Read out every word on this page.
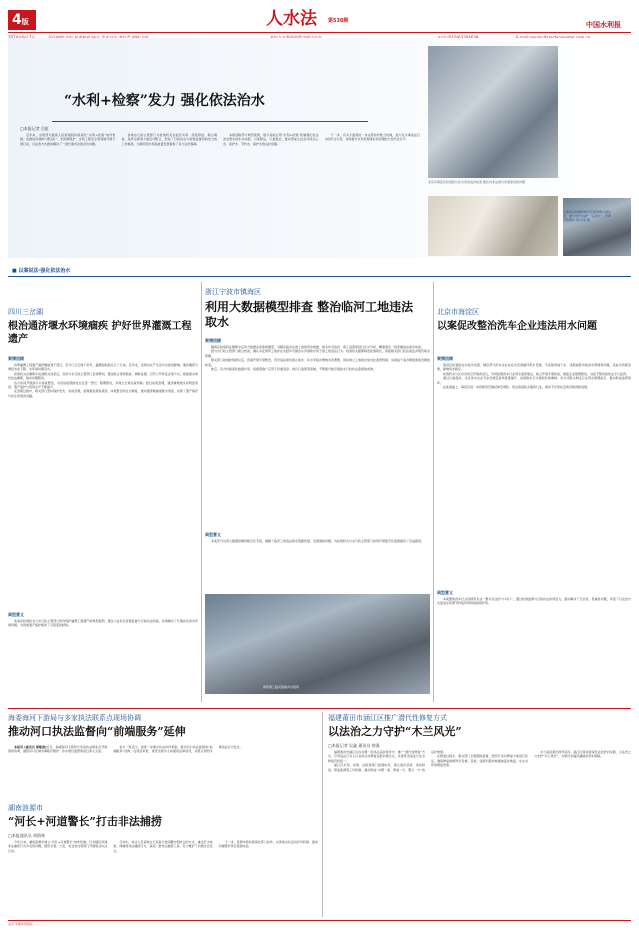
4版	人水法 第530期	中国水利报
“水利+检察”发力 强化依法治水
□本报记者 岳虹

近年来，水利部与最高人民检察院持续深化“水利+检察”协作机制，在推进河湖库“清四乱”、水资源保护、水利工程安全等领域开展专项行动，以法治方式推动解决了一批长期未决的突出问题。

各地水行政主管部门与检察机关在信息共享、线索移送、联合调查、案件会商等方面密切配合，形成了行政执法与检察监督同向发力的工作格局，为新阶段水利高质量发展提供了有力法治保障。

本版选取部分典型案例，展示各地运用“水利+检察”机制强化依法治水管水的生动实践，以案释法，以案促治，推动形成全社会共同关心水、爱护水、节约水、保护水的良好氛围。

下一步，有关方面将进一步完善协作配合机制，加大对水事违法行为的打击力度，持续提升水利治理体系和治理能力现代化水平。

北京市海淀区检察院与区水务局巡河检查 辖区内非法排污河道等违规问题
志愿者在新疆伊犁河开展清理河道垃圾，参与守护河湖“一淀清水”。伊犁河管理局 图/何康 摄
■ 以案说法·强化依法治水
四川三岔湖
根治通济堰水环境痼疾 护好世界灌溉工程遗产
案情回顾

世界灌溉工程遗产通济堰始建于西汉，至今已运行两千余年，灌溉面积超过五十万亩。近年来，受周边生产生活污水排放影响，通济堰部分渠段水质下降，水环境问题突出。

检察机关在履职中发现相关线索后，及时与水行政主管部门会商研判，通过联合现场勘查、调取证据、召开公开听证会等方式，督促相关单位依法履职，推动问题整改。

各方协同开展排污口排查整治，对沿线违规排放点位逐一登记、限期整改，并建立长效巡查机制。经过系统治理，通济堰渠道水质明显改善，遗产保护与利用水平不断提升。

在治理过程中，相关部门坚持保护优先、系统治理，统筹推进渠系清淤、岸坡整治和生态修复，推动通济堰重现碧水清流，实现了遗产保护与民生改善的双赢。

典型意义

本案是检察机关与水行政主管部门协作保护灌溉工程遗产的典型案例，通过公益诉讼检察监督与行政执法衔接，有效解决了长期存在的水环境问题，为同类遗产保护提供了可借鉴的经验。

浙江宁波市镇海区
利用大数据模型排查 整治临河工地违法取水
案情回顾

镇海区检察院在履职中运用大数据法律监督模型，对辖区临河在建工地的用水数据、取水许可信息、施工进度等进行比对分析，精准锁定一批涉嫌违法取水线索。

经与水行政主管部门联合核查，确认多处建筑工地存在未经许可擅自从河道取水用于施工的违法行为。检察机关随即制发检察建议，督促相关部门依法查处并规范取水管理。

相关部门收到检察建议后，迅速开展专项整治，责令违法单位停止取水、补办手续并缴纳水资源费，同时建立工地取水常态化监管机制，实现由个案办理到类案治理的转变。

此后，双方持续深化数据共享，将模型推广应用于河道采砂、排污口监管等领域，不断提升数字赋能水行政执法监督的质效。

典型意义

本案充分运用大数据思维和数字化手段，破解了临河工地违法取水隐蔽性强、发现难的问题，为检察机关与水行政主管部门协同开展数字化监督提供了有益探索。

建筑施工临河盗取河水现场
北京市海淀区
以案促改整治洗车企业违法用水问题
案情回顾

海淀区检察院在办案中发现，辖区部分洗车企业存在未安装循环用水设施、无证取用地下水、违规接驳市政供水管网等问题，造成水资源浪费，影响用水秩序。

检察机关与区水务局召开联席会议，共同梳理洗车行业用水监管难点，联合开展专项检查，督促企业限期整改，对拒不整改的依法予以处罚。

通过以案促改，全区洗车企业节水设施安装率显著提升，违规取水行为得到有效遏制。双方还联合制定行业用水管理指引，推动形成监管闭环。

在此基础上，海淀区进一步将整治范围延伸至餐饮、洗浴等高耗水服务行业，推动节水型社会建设取得新进展。

典型意义

本案聚焦洗车行业违规用水这一群众关注的“小切口”，通过检察监督与行政执法协同发力，推动解决了行业性、普遍性问题，彰显了以法治方式促进水资源节约集约利用的积极作用。

海委海河下游局与多家执法联系点现场协调
推动河口执法监督向“前端服务”延伸

本报讯 (通讯员 姜维南)近日，海委海河下游局与多家执法联系点开展现场协调，围绕河口区域水事秩序维护、涉水项目监管等进行深入交流。

各方一致表示，将进一步健全执法协作机制，推动河口执法监督向“前端服务”延伸，在项目审批、建设过程中主动提供法律指导，从源头预防水事违法行为发生。

湖南涟源市
“河长+河道警长”打击非法捕捞
□本报通讯员 胡倩林

今年以来，湖南涟源市建立“河长+河道警长”协作机制，针对辖区河道非法捕捞行为多发的问题，组织水利、公安、农业农村等部门开展联合执法行动。

行动中，执法人员采取白天巡查与夜间蹲守相结合的方式，重点打击电鱼、网捕等非法捕捞行为，查获一批非法捕捞工具，有力维护了河道生态安全。

下一步，涟源市将持续深化部门协作，完善常态化巡河护河机制，推动河湖管护责任落到实处。

福建莆田市涵江区推广潜代性修复方式
以法治之力守护“木兰风光”
□本报记者 吴鑫 通讯员 徐溪

福建莆田市涵江区在办理一起非法采砂案件中，推广“潜代性修复”方式，引导违法行为人以实际行动修复受损河道生态，实现惩治违法与生态修复有机统一。

涵江区水利、检察、法院等部门加强协作，建立案件会商、线索移送、修复监督等工作机制，推动形成“办理一案、修复一片、警示一方”的良好效果。

在修复过程中，相关部门全程跟踪监督，组织专家对修复方案进行论证，确保修复措施科学有效。目前，受损河段岸坡植被逐步恢复，水生态环境明显改善。

木兰溪是莆田的母亲河。涵江区将持续深化法治护河实践，以法治之力守护“木兰风光”，为建设幸福河湖提供坚实保障。

北京 中国水利报社 ……
